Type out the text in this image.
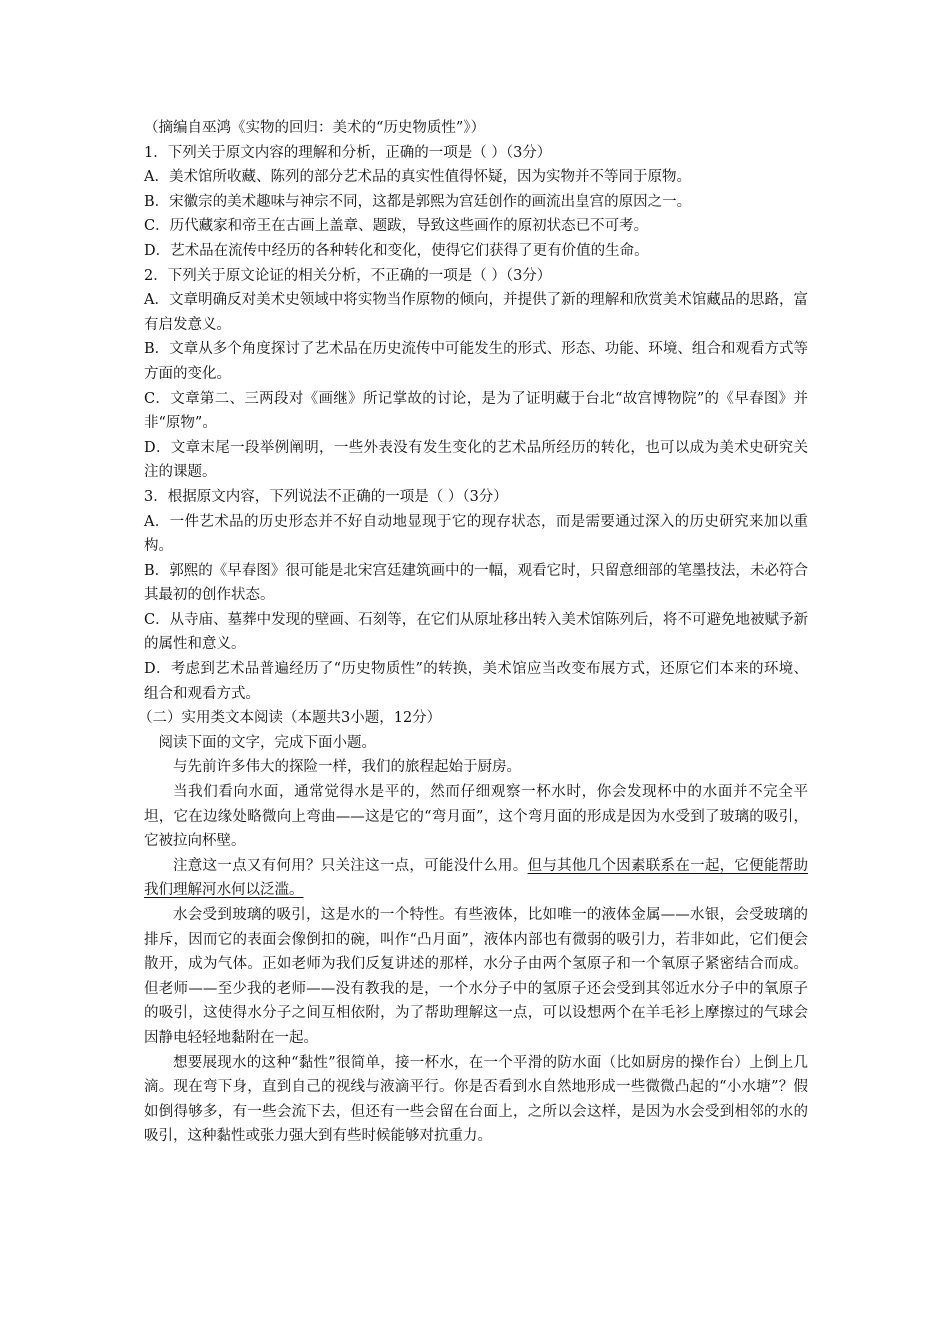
（摘编自巫鸿《实物的回归：美术的“历史物质性”》）

1．下列关于原文内容的理解和分析，正确的一项是（ ）（3分）

A．美术馆所收藏、陈列的部分艺术品的真实性值得怀疑，因为实物并不等同于原物。

B．宋徽宗的美术趣味与神宗不同，这都是郭熙为宫廷创作的画流出皇宫的原因之一。

C．历代藏家和帝王在古画上盖章、题跋，导致这些画作的原初状态已不可考。

D．艺术品在流传中经历的各种转化和变化，使得它们获得了更有价值的生命。

2．下列关于原文论证的相关分析，不正确的一项是（ ）（3分）

A．文章明确反对美术史领域中将实物当作原物的倾向，并提供了新的理解和欣赏美术馆藏品的思路，富有启发意义。

B．文章从多个角度探讨了艺术品在历史流传中可能发生的形式、形态、功能、环境、组合和观看方式等方面的变化。

C．文章第二、三两段对《画继》所记掌故的讨论，是为了证明藏于台北“故宫博物院”的《早春图》并非“原物”。

D．文章末尾一段举例阐明，一些外表没有发生变化的艺术品所经历的转化，也可以成为美术史研究关注的课题。

3．根据原文内容，下列说法不正确的一项是（ ）（3分）

A．一件艺术品的历史形态并不好自动地显现于它的现存状态，而是需要通过深入的历史研究来加以重构。

B．郭熙的《早春图》很可能是北宋宫廷建筑画中的一幅，观看它时，只留意细部的笔墨技法，未必符合其最初的创作状态。

C．从寺庙、墓葬中发现的壁画、石刻等，在它们从原址移出转入美术馆陈列后，将不可避免地被赋予新的属性和意义。

D．考虑到艺术品普遍经历了“历史物质性”的转换，美术馆应当改变布展方式，还原它们本来的环境、组合和观看方式。

（二）实用类文本阅读（本题共3小题，12分）

阅读下面的文字，完成下面小题。

与先前许多伟大的探险一样，我们的旅程起始于厨房。

当我们看向水面，通常觉得水是平的，然而仔细观察一杯水时，你会发现杯中的水面并不完全平坦，它在边缘处略微向上弯曲——这是它的“弯月面”，这个弯月面的形成是因为水受到了玻璃的吸引，它被拉向杯壁。

注意这一点又有何用？只关注这一点，可能没什么用。但与其他几个因素联系在一起，它便能帮助我们理解河水何以泛滥。

水会受到玻璃的吸引，这是水的一个特性。有些液体，比如唯一的液体金属——水银，会受玻璃的排斥，因而它的表面会像倒扣的碗，叫作“凸月面”，液体内部也有微弱的吸引力，若非如此，它们便会散开，成为气体。正如老师为我们反复讲述的那样，水分子由两个氢原子和一个氧原子紧密结合而成。但老师——至少我的老师——没有教我的是，一个水分子中的氢原子还会受到其邻近水分子中的氧原子的吸引，这使得水分子之间互相依附，为了帮助理解这一点，可以设想两个在羊毛衫上摩擦过的气球会因静电轻轻地黏附在一起。

想要展现水的这种“黏性”很简单，接一杯水，在一个平滑的防水面（比如厨房的操作台）上倒上几滴。现在弯下身，直到自己的视线与液滴平行。你是否看到水自然地形成一些微微凸起的“小水塘”？假如倒得够多，有一些会流下去，但还有一些会留在台面上，之所以会这样，是因为水会受到相邻的水的吸引，这种黏性或张力强大到有些时候能够对抗重力。
